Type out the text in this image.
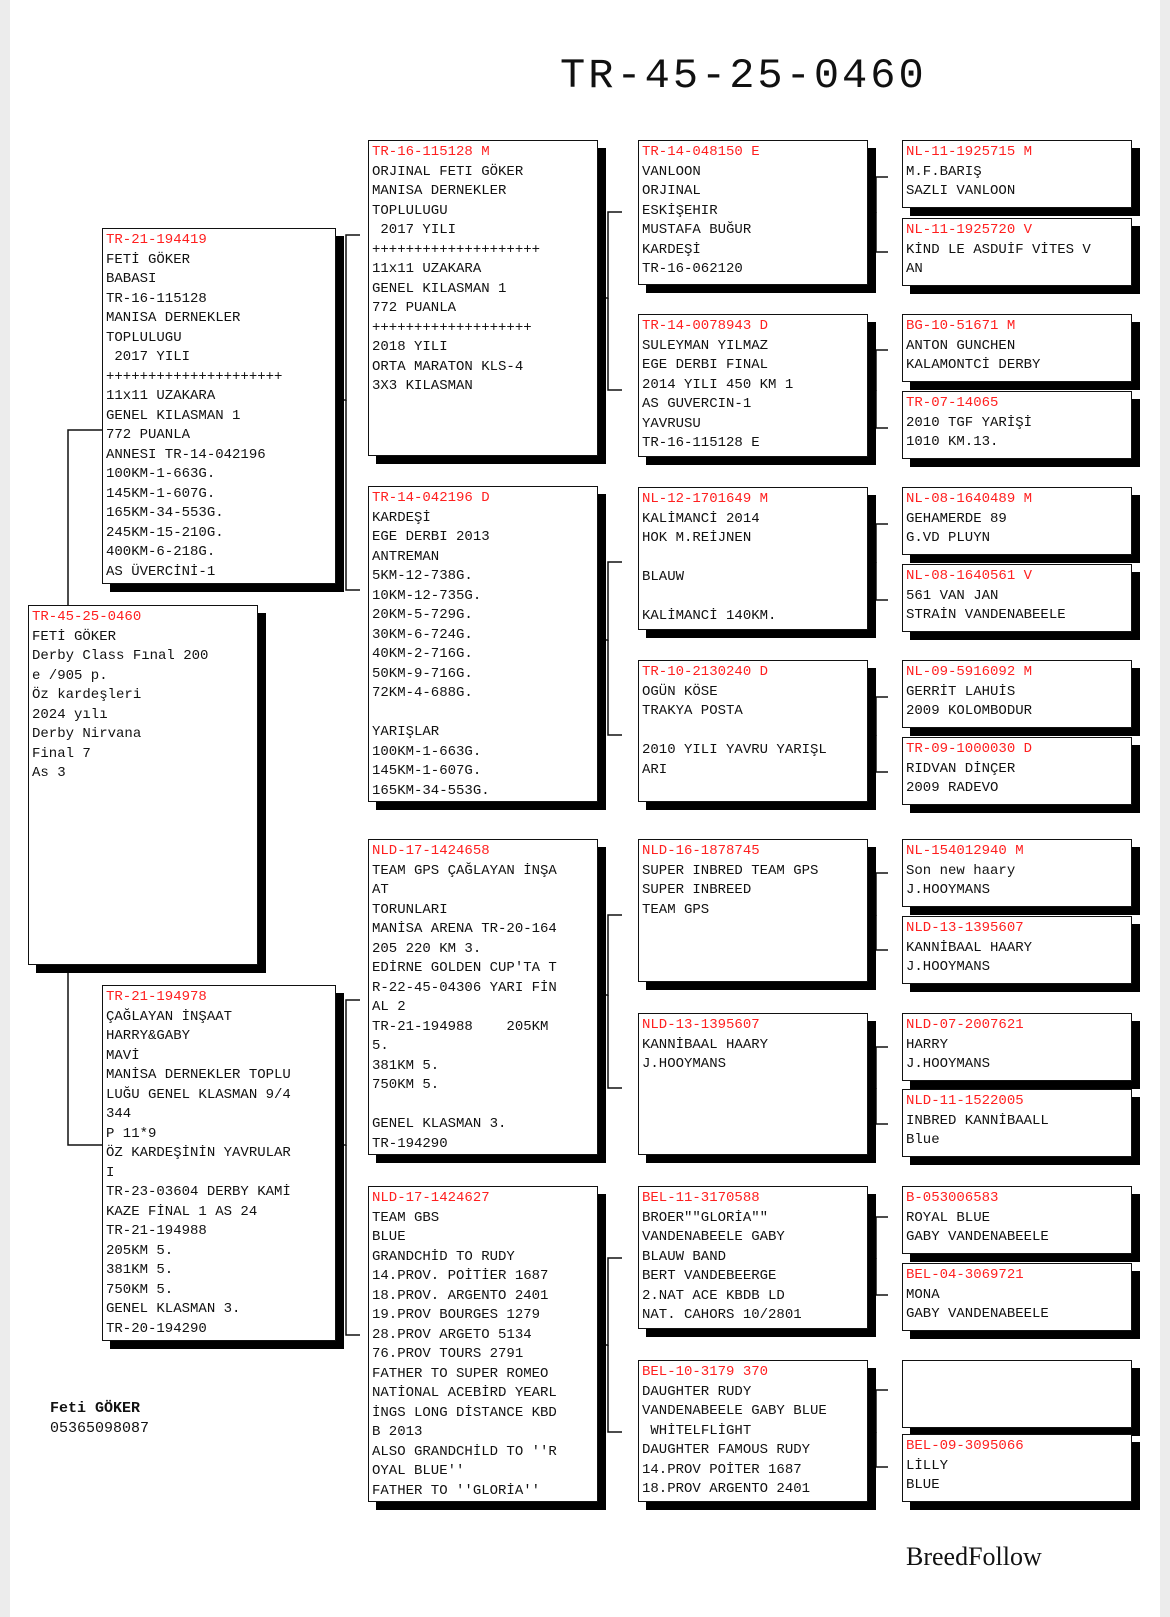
TR-45-25-0460
TR-45-25-0460
FETİ GÖKER
Derby Class Fınal 200
e /905 p.
Öz kardeşleri
2024 yılı
Derby Nirvana
Final 7
As 3
TR-21-194419
FETİ GÖKER
BABASI
TR-16-115128
MANISA DERNEKLER
TOPLULUGU
2017 YILI
+++++++++++++++++++++
11x11 UZAKARA
GENEL KILASMAN 1
772 PUANLA
ANNESI TR-14-042196
100KM-1-663G.
145KM-1-607G.
165KM-34-553G.
245KM-15-210G.
400KM-6-218G.
AS ÜVERCİNİ-1
TR-21-194978
ÇAĞLAYAN İNŞAAT
HARRY&GABY
MAVİ
MANİSA DERNEKLER TOPLU
LUĞU GENEL KLASMAN 9/4
344
P 11*9
ÖZ KARDEŞİNİN YAVRULAR
I
TR-23-03604 DERBY KAMİ
KAZE FİNAL 1 AS 24
TR-21-194988
205KM 5.
381KM 5.
750KM 5.
GENEL KLASMAN 3.
TR-20-194290
TR-16-115128 M
ORJINAL FETI GÖKER
MANISA DERNEKLER
TOPLULUGU
2017 YILI
++++++++++++++++++++
11x11 UZAKARA
GENEL KILASMAN 1
772 PUANLA
+++++++++++++++++++
2018 YILI
ORTA MARATON KLS-4
3X3 KILASMAN
TR-14-042196 D
KARDEŞİ
EGE DERBI 2013
ANTREMAN
5KM-12-738G.
10KM-12-735G.
20KM-5-729G.
30KM-6-724G.
40KM-2-716G.
50KM-9-716G.
72KM-4-688G.
YARIŞLAR
100KM-1-663G.
145KM-1-607G.
165KM-34-553G.
NLD-17-1424658
TEAM GPS ÇAĞLAYAN İNŞA
AT
TORUNLARI
MANİSA ARENA TR-20-164
205 220 KM 3.
EDİRNE GOLDEN CUP'TA T
R-22-45-04306 YARI FİN
AL 2
TR-21-194988    205KM
5.
381KM 5.
750KM 5.
GENEL KLASMAN 3.
TR-194290
NLD-17-1424627
TEAM GBS
BLUE
GRANDCHİD TO RUDY
14.PROV. POİTİER 1687
18.PROV. ARGENTO 2401
19.PROV BOURGES 1279
28.PROV ARGETO 5134
76.PROV TOURS 2791
FATHER TO SUPER ROMEO
NATİONAL ACEBİRD YEARL
İNGS LONG DİSTANCE KBD
B 2013
ALSO GRANDCHİLD TO ''R
OYAL BLUE''
FATHER TO ''GLORİA''
TR-14-048150 E
VANLOON
ORJINAL
ESKİŞEHIR
MUSTAFA BUĞUR
KARDEŞİ
TR-16-062120
TR-14-0078943 D
SULEYMAN YILMAZ
EGE DERBI FINAL
2014 YILI 450 KM 1
AS GUVERCIN-1
YAVRUSU
TR-16-115128 E
NL-12-1701649 M
KALİMANCİ 2014
HOK M.REİJNEN
BLAUW
KALİMANCİ 140KM.
TR-10-2130240 D
OGÜN KÖSE
TRAKYA POSTA
2010 YILI YAVRU YARIŞL
ARI
NLD-16-1878745
SUPER INBRED TEAM GPS
SUPER INBREED
TEAM GPS
NLD-13-1395607
KANNİBAAL HAARY
J.HOOYMANS
BEL-11-3170588
BROER""GLORİA""
VANDENABEELE GABY
BLAUW BAND
BERT VANDEBEERGE
2.NAT ACE KBDB LD
NAT. CAHORS 10/2801
BEL-10-3179 370
DAUGHTER RUDY
VANDENABEELE GABY BLUE
WHİTELFLİGHT
DAUGHTER FAMOUS RUDY
14.PROV POİTER 1687
18.PROV ARGENTO 2401
NL-11-1925715 M
M.F.BARIŞ
SAZLI VANLOON
NL-11-1925720 V
KİND LE ASDUİF VİTES V
AN
BG-10-51671 M
ANTON GUNCHEN
KALAMONTCİ DERBY
TR-07-14065
2010 TGF YARİŞİ
1010 KM.13.
NL-08-1640489 M
GEHAMERDE 89
G.VD PLUYN
NL-08-1640561 V
561 VAN JAN
STRAİN VANDENABEELE
NL-09-5916092 M
GERRİT LAHUİS
2009 KOLOMBODUR
TR-09-1000030 D
RIDVAN DİNÇER
2009 RADEVO
NL-154012940 M
Son new haary
J.HOOYMANS
NLD-13-1395607
KANNİBAAL HAARY
J.HOOYMANS
NLD-07-2007621
HARRY
J.HOOYMANS
NLD-11-1522005
INBRED KANNİBAALL
Blue
B-053006583
ROYAL BLUE
GABY VANDENABEELE
BEL-04-3069721
MONA
GABY VANDENABEELE
BEL-09-3095066
LİLLY
BLUE
Feti GÖKER
05365098087
BreedFollow
